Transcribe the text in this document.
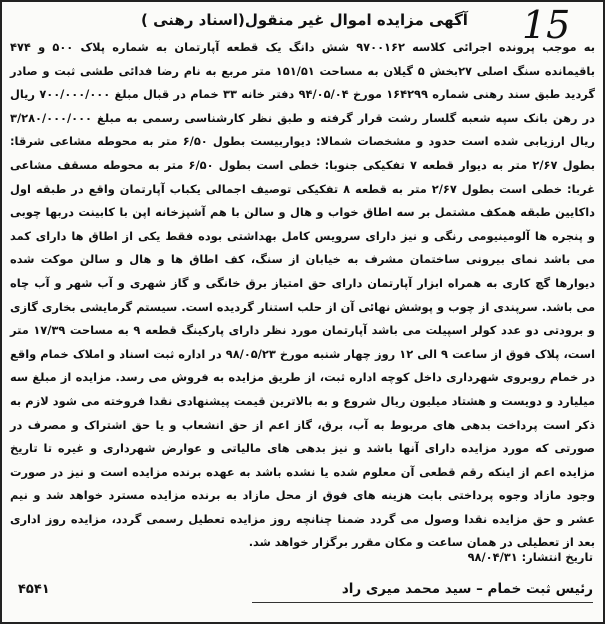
15
آگهی مزایده اموال غیر منقول(اسناد رهنی )
به موجب پرونده اجرائی کلاسه ۹۷۰۰۱۶۲ شش دانگ یک قطعه آپارتمان به شماره پلاک ۵۰۰ و ۴۷۴ باقیمانده سنگ اصلی ۲۷بخش ۵ گیلان به مساحت ۱۵۱/۵۱ متر مربع به نام رضا فدائی طشی ثبت و صادر گردید طبق سند رهنی شماره ۱۶۴۲۹۹ مورخ ۹۴/۰۵/۰۴ دفتر خانه ۳۳ خمام در قبال مبلغ ۷۰۰/۰۰۰/۰۰۰ ریال در رهن بانک سپه شعبه گلسار رشت قرار گرفته و طبق نظر کارشناسی رسمی به مبلغ ۳/۲۸۰/۰۰۰/۰۰۰ ریال ارزیابی شده است حدود و مشخصات شمالا: دیواربیست بطول ۶/۵۰ متر به محوطه مشاعی شرقا: بطول ۲/۶۷ متر به دیوار قطعه ۷ تفکیکی جنوبا: خطی است بطول ۶/۵۰ متر به محوطه مسقف مشاعی غربا: خطی است بطول ۲/۶۷ متر به قطعه ۸ تفکیکی توصیف اجمالی یکباب آپارتمان واقع در طبقه اول داکایین طبقه همکف مشتمل بر سه اطاق خواب و هال و سالن با هم آشپزخانه اپن با کابینت دربها چوبی و پنجره ها آلومینیومی رنگی و نیز دارای سرویس کامل بهداشتی بوده فقط یکی از اطاق ها دارای کمد می باشد نمای بیرونی ساختمان مشرف به خیابان از سنگ، کف اطاق ها و هال و سالن موکت شده دیوارها گچ کاری به همراه ابزار آپارتمان دارای حق امتیاز برق خانگی و گاز شهری و آب شهر و آب چاه می باشد. سرپندی از چوب و پوشش نهائی آن از حلب استنار گردیده است. سیستم گرمایشی بخاری گازی و برودتی دو عدد کولر اسپیلت می باشد آپارتمان مورد نظر دارای پارکینگ قطعه ۹ به مساحت ۱۷/۳۹ متر است، پلاک فوق از ساعت ۹ الی ۱۲ روز چهار شنبه مورخ ۹۸/۰۵/۲۳ در اداره ثبت اسناد و املاک خمام واقع در خمام روبروی شهرداری داخل کوچه اداره ثبت، از طریق مزایده به فروش می رسد. مزایده از مبلغ سه میلیارد و دویست و هشتاد میلیون ریال شروع و به بالاترین قیمت پیشنهادی نقدا فروخته می شود لازم به ذکر است پرداخت بدهی های مربوط به آب، برق، گاز اعم از حق انشعاب و یا حق اشتراک و مصرف در صورتی که مورد مزایده دارای آنها باشد و نیز بدهی های مالیاتی و عوارض شهرداری و غیره تا تاریخ مزایده اعم از اینکه رقم قطعی آن معلوم شده یا نشده باشد به عهده برنده مزایده است و نیز در صورت وجود مازاد وجوه پرداختی بابت هزینه های فوق از محل مازاد به برنده مزایده مسترد خواهد شد و نیم عشر و حق مزایده نقدا وصول می گردد ضمنا چنانچه روز مزایده تعطیل رسمی گردد، مزایده روز اداری بعد از تعطیلی در همان ساعت و مکان مقرر برگزار خواهد شد.
تاریخ انتشار: ۹۸/۰۴/۳۱
رئیس ثبت خمام – سید محمد میری راد
۴۵۴۱
